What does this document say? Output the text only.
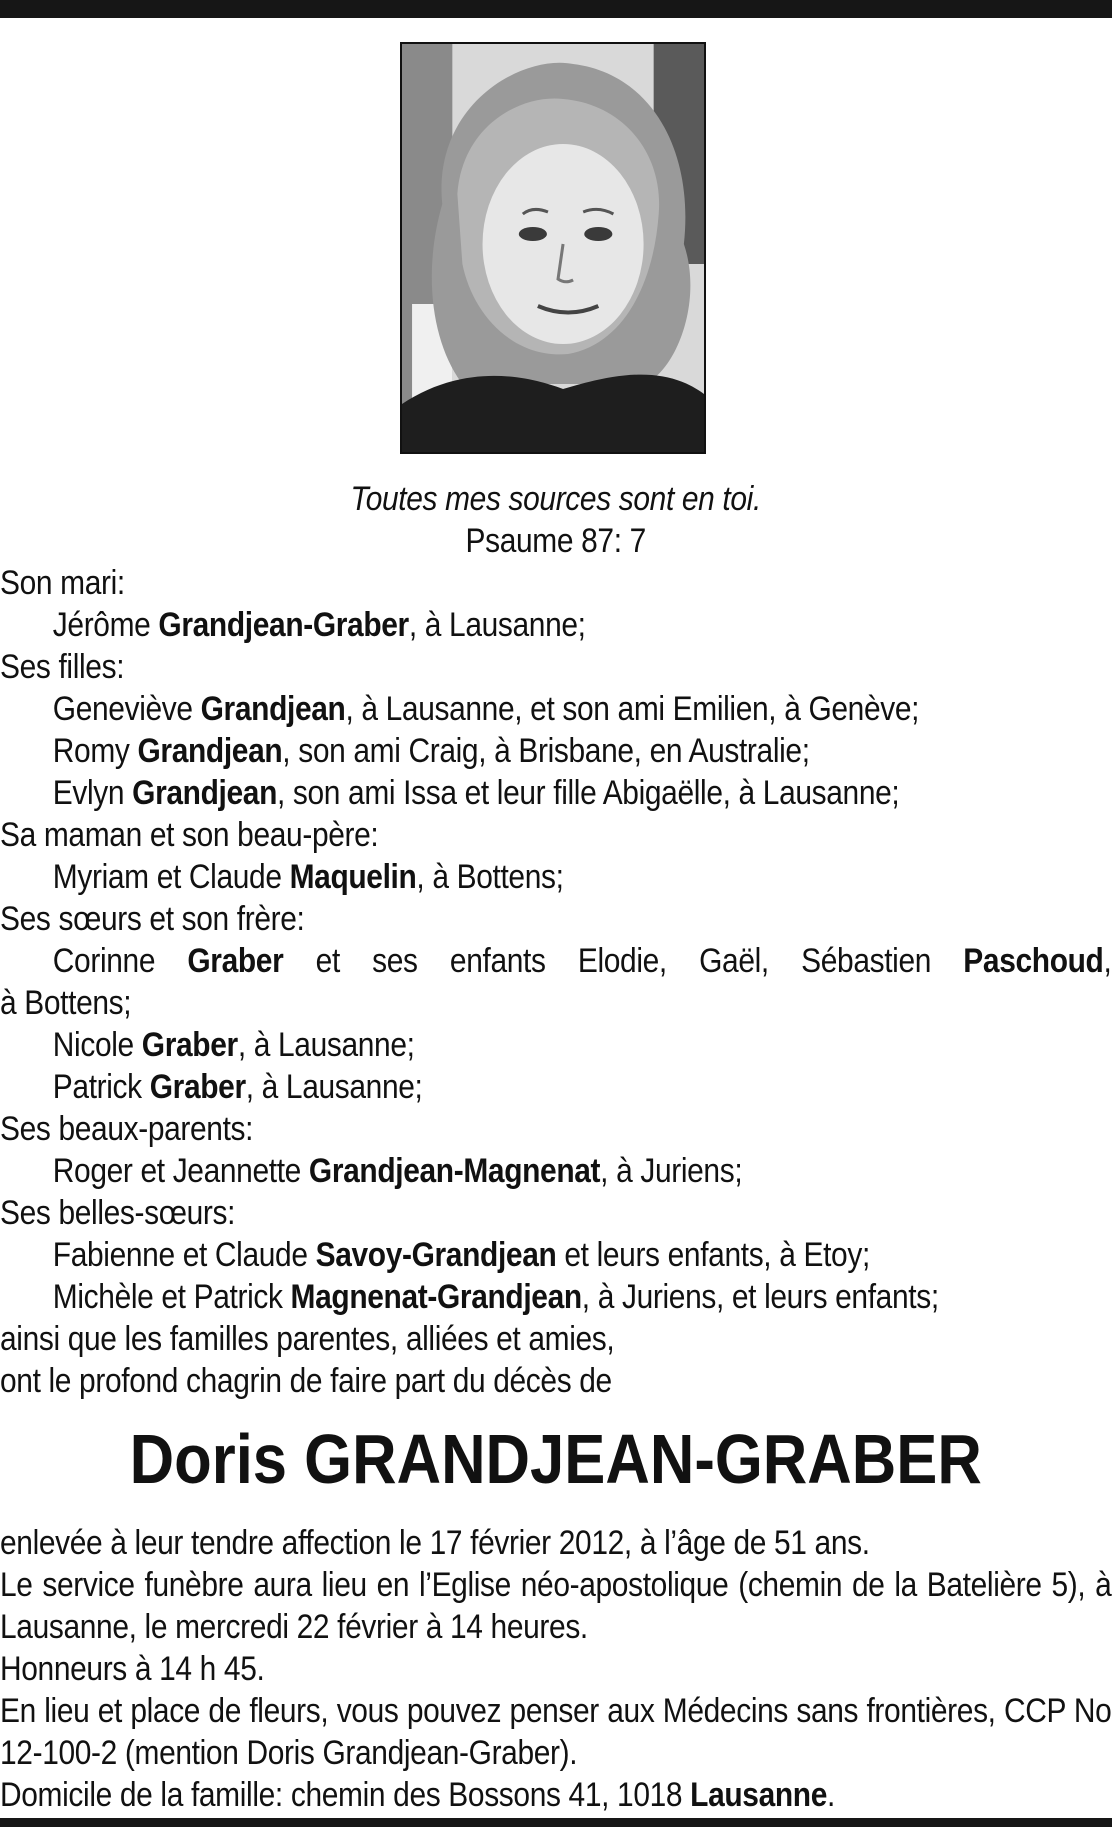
Toutes mes sources sont en toi.
Psaume 87: 7
Son mari:
Jérôme Grandjean-Graber, à Lausanne;
Ses filles:
Geneviève Grandjean, à Lausanne, et son ami Emilien, à Genève;
Romy Grandjean, son ami Craig, à Brisbane, en Australie;
Evlyn Grandjean, son ami Issa et leur fille Abigaëlle, à Lausanne;
Sa maman et son beau-père:
Myriam et Claude Maquelin, à Bottens;
Ses sœurs et son frère:
Corinne Graber et ses enfants Elodie, Gaël, Sébastien Paschoud,
à Bottens;
Nicole Graber, à Lausanne;
Patrick Graber, à Lausanne;
Ses beaux-parents:
Roger et Jeannette Grandjean-Magnenat, à Juriens;
Ses belles-sœurs:
Fabienne et Claude Savoy-Grandjean et leurs enfants, à Etoy;
Michèle et Patrick Magnenat-Grandjean, à Juriens, et leurs enfants;
ainsi que les familles parentes, alliées et amies,
ont le profond chagrin de faire part du décès de
Doris GRANDJEAN-GRABER
enlevée à leur tendre affection le 17 février 2012, à l’âge de 51 ans.
Le service funèbre aura lieu en l’Eglise néo-apostolique (chemin de la Batelière 5), à Lausanne, le mercredi 22 février à 14 heures.
Honneurs à 14 h 45.
En lieu et place de fleurs, vous pouvez penser aux Médecins sans frontières, CCP No 12-100-2 (mention Doris Grandjean-Graber).
Domicile de la famille: chemin des Bossons 41, 1018 Lausanne.
